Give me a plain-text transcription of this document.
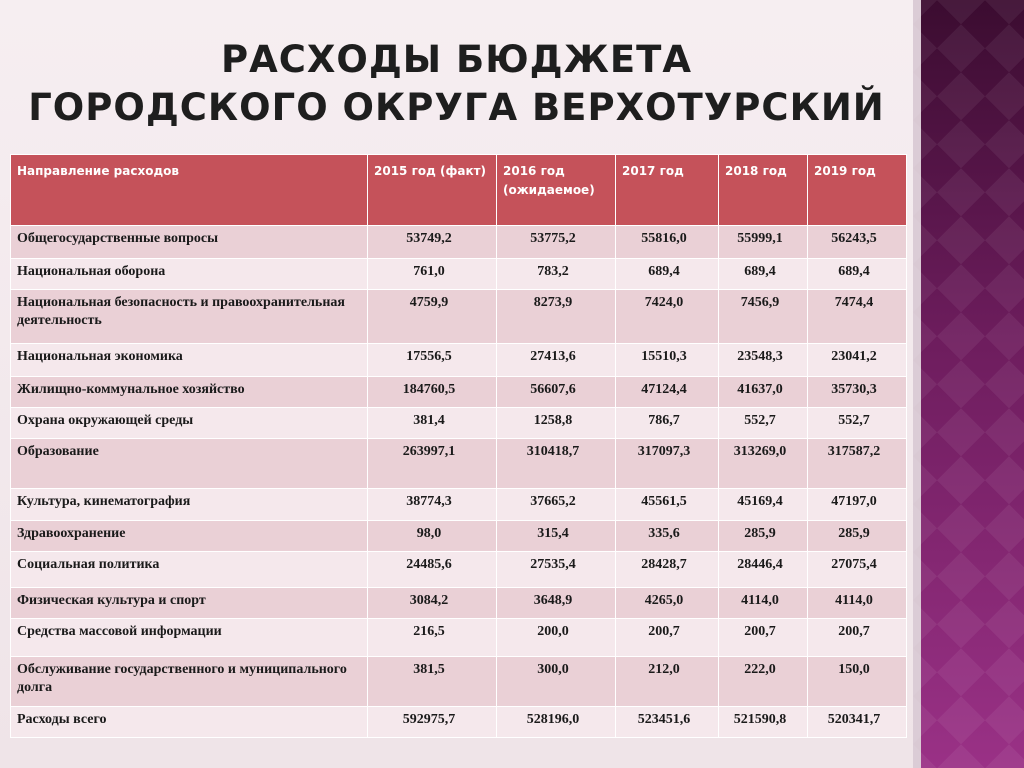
РАСХОДЫ БЮДЖЕТА
ГОРОДСКОГО ОКРУГА ВЕРХОТУРСКИЙ
Направление расходов	2015 год (факт)	2016 год (ожидаемое)	2017 год	2018 год	2019 год
Общегосударственные вопросы	53749,2	53775,2	55816,0	55999,1	56243,5
Национальная оборона	761,0	783,2	689,4	689,4	689,4
Национальная безопасность и правоохранительная деятельность	4759,9	8273,9	7424,0	7456,9	7474,4
Национальная экономика	17556,5	27413,6	15510,3	23548,3	23041,2
Жилищно-коммунальное хозяйство	184760,5	56607,6	47124,4	41637,0	35730,3
Охрана окружающей среды	381,4	1258,8	786,7	552,7	552,7
Образование	263997,1	310418,7	317097,3	313269,0	317587,2
Культура, кинематография	38774,3	37665,2	45561,5	45169,4	47197,0
Здравоохранение	98,0	315,4	335,6	285,9	285,9
Социальная политика	24485,6	27535,4	28428,7	28446,4	27075,4
Физическая культура и спорт	3084,2	3648,9	4265,0	4114,0	4114,0
Средства массовой информации	216,5	200,0	200,7	200,7	200,7
Обслуживание государственного и муниципального долга	381,5	300,0	212,0	222,0	150,0
Расходы всего	592975,7	528196,0	523451,6	521590,8	520341,7
